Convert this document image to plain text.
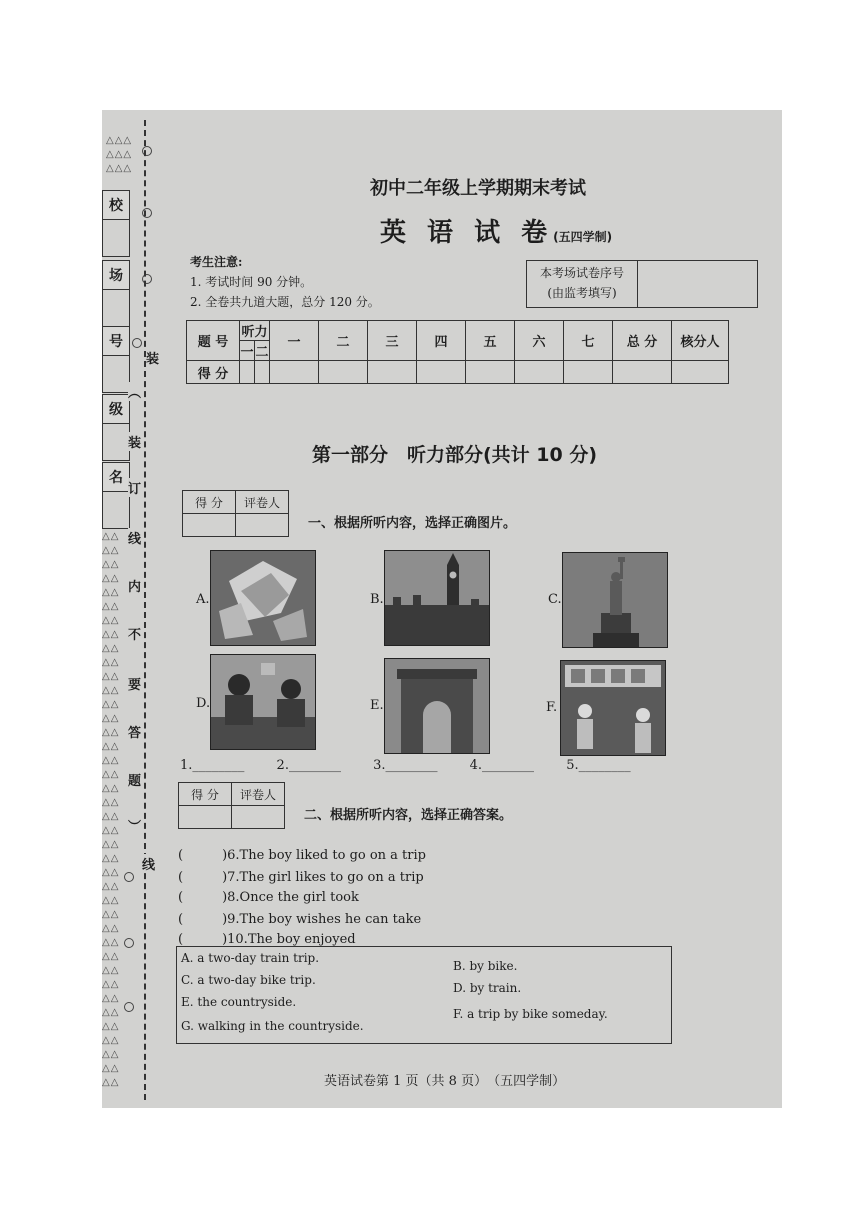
△△△
△△△
△△△
校
场
号
级
名
△△
△△
△△
△△
△△
△△
△△
△△
△△
△△
△△
△△
△△
△△
△△
△△
△△
△△
△△
△△
△△
△△
△△
△△
△△
△△
△△
△△
△△
△△
△△
△△
△△
△△
△△
△△
△△
△△
△△
△△
装
︵
装
订
线
内
不
要
答
题
︶
线
初中二年级上学期期末考试
英 语 试 卷(五四学制)
考生注意:
1. 考试时间 90 分钟。
2. 全卷共九道大题，总分 120 分。
本考场试卷序号
(由监考填写)
题 号	听力		一	二	三	四	五	六	七	总 分	核分人
	一	二									
得 分											
第一部分　听力部分(共计 10 分)
得 分	评卷人

一、根据所听内容，选择正确图片。
A.	B.	C.
D.	E.	F.
1.________ 2.________ 3.________ 4.________ 5.________
得 分	评卷人

二、根据所听内容，选择正确答案。
(　　　)6.The boy liked to go on a trip
(　　　)7.The girl likes to go on a trip
(　　　)8.Once the girl took
(　　　)9.The boy wishes he can take
(　　　)10.The boy enjoyed
A. a two-day train trip.
B. by bike.
C. a two-day bike trip.
D. by train.
E. the countryside.
F. a trip by bike someday.
G. walking in the countryside.
英语试卷第 1 页（共 8 页）　（五四学制）
